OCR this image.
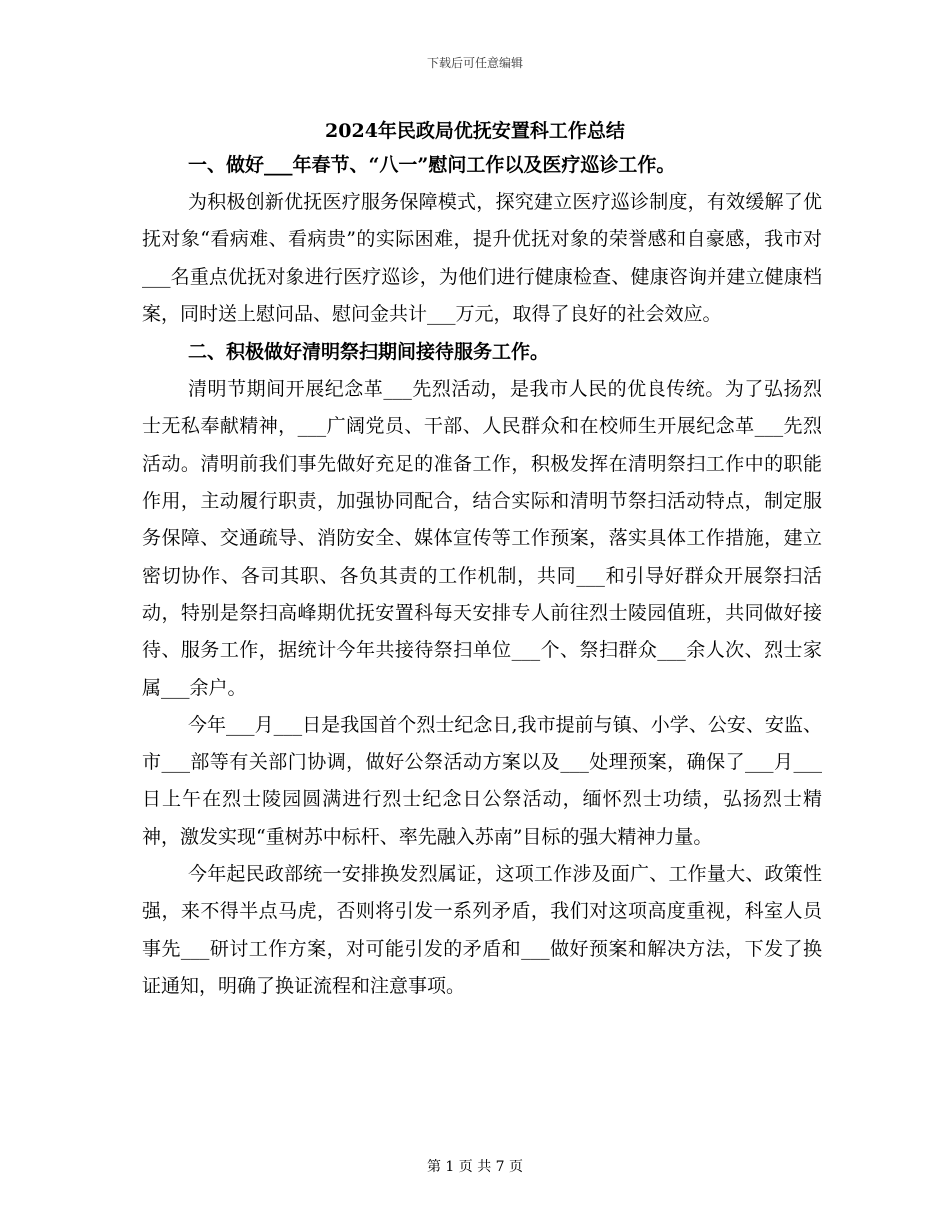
下载后可任意编辑
2024年民政局优抚安置科工作总结

一、做好___年春节、“八一”慰问工作以及医疗巡诊工作。

为积极创新优抚医疗服务保障模式，探究建立医疗巡诊制度，有效缓解了优抚对象“看病难、看病贵”的实际困难，提升优抚对象的荣誉感和自豪感，我市对___名重点优抚对象进行医疗巡诊，为他们进行健康检查、健康咨询并建立健康档案，同时送上慰问品、慰问金共计___万元，取得了良好的社会效应。

二、积极做好清明祭扫期间接待服务工作。

清明节期间开展纪念革___先烈活动，是我市人民的优良传统。为了弘扬烈士无私奉献精神，___广阔党员、干部、人民群众和在校师生开展纪念革___先烈活动。清明前我们事先做好充足的准备工作，积极发挥在清明祭扫工作中的职能作用，主动履行职责，加强协同配合，结合实际和清明节祭扫活动特点，制定服务保障、交通疏导、消防安全、媒体宣传等工作预案，落实具体工作措施，建立密切协作、各司其职、各负其责的工作机制，共同___和引导好群众开展祭扫活动，特别是祭扫高峰期优抚安置科每天安排专人前往烈士陵园值班，共同做好接待、服务工作，据统计今年共接待祭扫单位___个、祭扫群众___余人次、烈士家属___余户。

今年___月___日是我国首个烈士纪念日,我市提前与镇、小学、公安、安监、市___部等有关部门协调，做好公祭活动方案以及___处理预案，确保了___月___日上午在烈士陵园圆满进行烈士纪念日公祭活动，缅怀烈士功绩，弘扬烈士精神，激发实现“重树苏中标杆、率先融入苏南”目标的强大精神力量。

今年起民政部统一安排换发烈属证，这项工作涉及面广、工作量大、政策性强，来不得半点马虎，否则将引发一系列矛盾，我们对这项高度重视，科室人员事先___研讨工作方案，对可能引发的矛盾和___做好预案和解决方法，下发了换证通知，明确了换证流程和注意事项。

第 1 页 共 7 页
